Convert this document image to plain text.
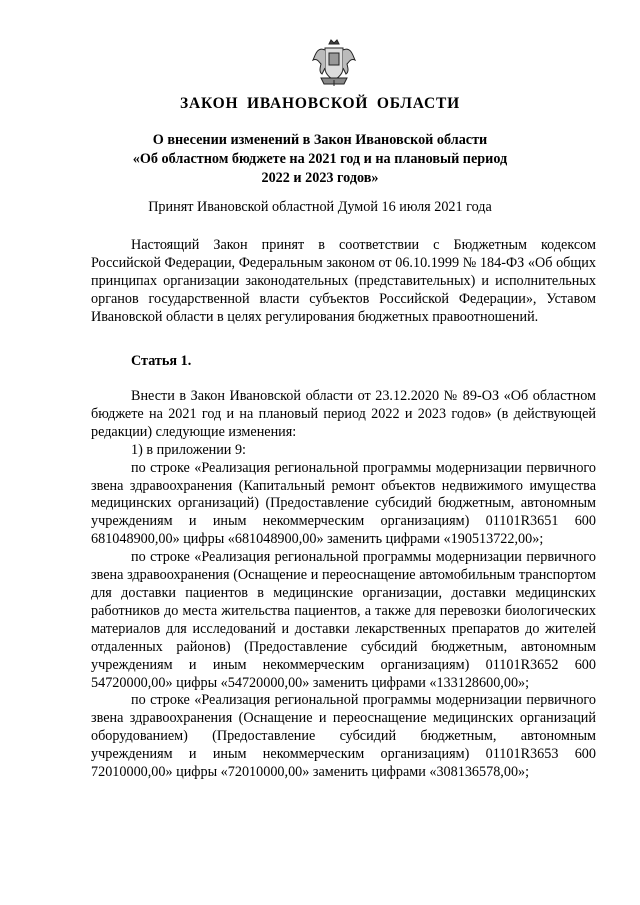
ЗАКОН ИВАНОВСКОЙ ОБЛАСТИ
О внесении изменений в Закон Ивановской области
«Об областном бюджете на 2021 год и на плановый период
2022 и 2023 годов»
Принят Ивановской областной Думой 16 июля 2021 года

Настоящий Закон принят в соответствии с Бюджетным кодексом Российской Федерации, Федеральным законом от 06.10.1999 № 184-ФЗ «Об общих принципах организации законодательных (представительных) и исполнительных органов государственной власти субъектов Российской Федерации», Уставом Ивановской области в целях регулирования бюджетных правоотношений.

Статья 1.

Внести в Закон Ивановской области от 23.12.2020 № 89-ОЗ «Об областном бюджете на 2021 год и на плановый период 2022 и 2023 годов» (в действующей редакции) следующие изменения:

1) в приложении 9:

по строке «Реализация региональной программы модернизации первичного звена здравоохранения (Капитальный ремонт объектов недвижимого имущества медицинских организаций) (Предоставление субсидий бюджетным, автономным учреждениям и иным некоммерческим организациям) 01101R3651 600 681048900,00» цифры «681048900,00» заменить цифрами «190513722,00»;

по строке «Реализация региональной программы модернизации первичного звена здравоохранения (Оснащение и переоснащение автомобильным транспортом для доставки пациентов в медицинские организации, доставки медицинских работников до места жительства пациентов, а также для перевозки биологических материалов для исследований и доставки лекарственных препаратов до жителей отдаленных районов) (Предоставление субсидий бюджетным, автономным учреждениям и иным некоммерческим организациям) 01101R3652 600 54720000,00» цифры «54720000,00» заменить цифрами «133128600,00»;

по строке «Реализация региональной программы модернизации первичного звена здравоохранения (Оснащение и переоснащение медицинских организаций оборудованием) (Предоставление субсидий бюджетным, автономным учреждениям и иным некоммерческим организациям) 01101R3653 600 72010000,00» цифры «72010000,00» заменить цифрами «308136578,00»;
